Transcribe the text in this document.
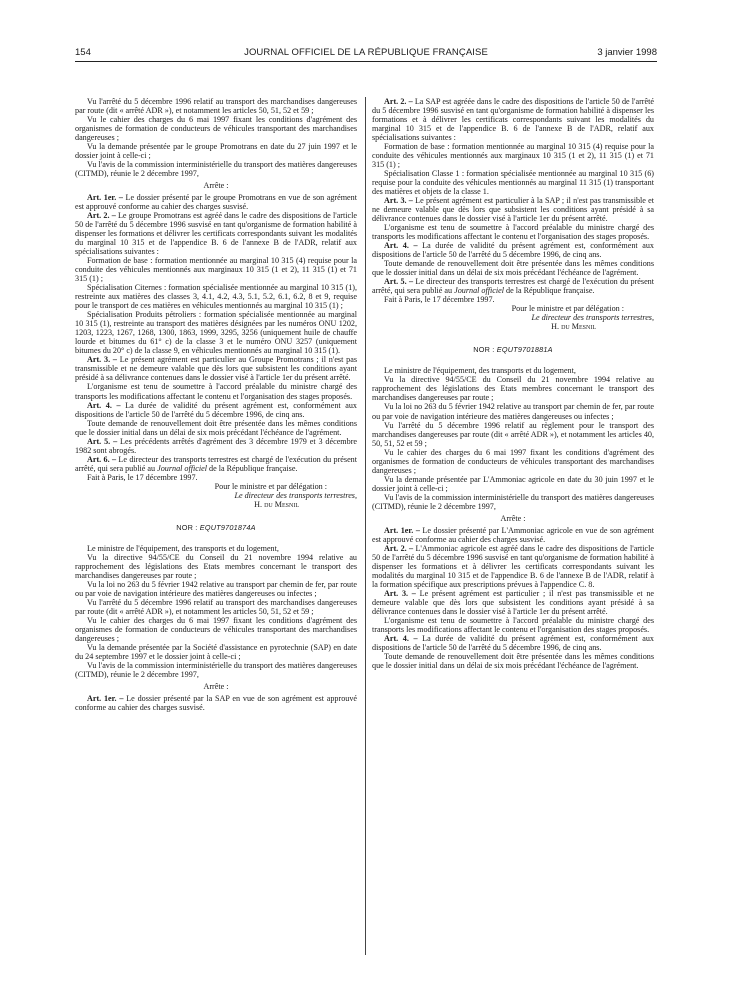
154	JOURNAL OFFICIEL DE LA RÉPUBLIQUE FRANÇAISE	3 janvier 1998

Vu l'arrêté du 5 décembre 1996 relatif au transport des marchandises dangereuses par route (dit « arrêté ADR »), et notamment les articles 50, 51, 52 et 59 ;

Vu le cahier des charges du 6 mai 1997 fixant les conditions d'agrément des organismes de formation de conducteurs de véhicules transportant des marchandises dangereuses ;

Vu la demande présentée par le groupe Promotrans en date du 27 juin 1997 et le dossier joint à celle-ci ;

Vu l'avis de la commission interministérielle du transport des matières dangereuses (CITMD), réunie le 2 décembre 1997,

Arrête :

Art. 1er. – Le dossier présenté par le groupe Promotrans en vue de son agrément est approuvé conforme au cahier des charges susvisé.

Art. 2. – Le groupe Promotrans est agréé dans le cadre des dispositions de l'article 50 de l'arrêté du 5 décembre 1996 susvisé en tant qu'organisme de formation habilité à dispenser les formations et délivrer les certificats correspondants suivant les modalités du marginal 10 315 et de l'appendice B. 6 de l'annexe B de l'ADR, relatif aux spécialisations suivantes :

Formation de base : formation mentionnée au marginal 10 315 (4) requise pour la conduite des véhicules mentionnés aux marginaux 10 315 (1 et 2), 11 315 (1) et 71 315 (1) ;

Spécialisation Citernes : formation spécialisée mentionnée au marginal 10 315 (1), restreinte aux matières des classes 3, 4.1, 4.2, 4.3, 5.1, 5.2, 6.1, 6.2, 8 et 9, requise pour le transport de ces matières en véhicules mentionnés au marginal 10 315 (1) ;

Spécialisation Produits pétroliers : formation spécialisée mentionnée au marginal 10 315 (1), restreinte au transport des matières désignées par les numéros ONU 1202, 1203, 1223, 1267, 1268, 1300, 1863, 1999, 3295, 3256 (uniquement huile de chauffe lourde et bitumes du 61° c) de la classe 3 et le numéro ONU 3257 (uniquement bitumes du 20° c) de la classe 9, en véhicules mentionnés au marginal 10 315 (1).

Art. 3. – Le présent agrément est particulier au Groupe Promotrans ; il n'est pas transmissible et ne demeure valable que dès lors que subsistent les conditions ayant présidé à sa délivrance contenues dans le dossier visé à l'article 1er du présent arrêté.

L'organisme est tenu de soumettre à l'accord préalable du ministre chargé des transports les modifications affectant le contenu et l'organisation des stages proposés.

Art. 4. – La durée de validité du présent agrément est, conformément aux dispositions de l'article 50 de l'arrêté du 5 décembre 1996, de cinq ans.

Toute demande de renouvellement doit être présentée dans les mêmes conditions que le dossier initial dans un délai de six mois précédant l'échéance de l'agrément.

Art. 5. – Les précédents arrêtés d'agrément des 3 décembre 1979 et 3 décembre 1982 sont abrogés.

Art. 6. – Le directeur des transports terrestres est chargé de l'exécution du présent arrêté, qui sera publié au Journal officiel de la République française.

Fait à Paris, le 17 décembre 1997.

Pour le ministre et par délégation :

Le directeur des transports terrestres,

H. du Mesnil

NOR : EQUT9701874A

Le ministre de l'équipement, des transports et du logement,

Vu la directive 94/55/CE du Conseil du 21 novembre 1994 relative au rapprochement des législations des Etats membres concernant le transport des marchandises dangereuses par route ;

Vu la loi no 263 du 5 février 1942 relative au transport par chemin de fer, par route ou par voie de navigation intérieure des matières dangereuses ou infectes ;

Vu l'arrêté du 5 décembre 1996 relatif au transport des marchandises dangereuses par route (dit « arrêté ADR »), et notamment les articles 50, 51, 52 et 59 ;

Vu le cahier des charges du 6 mai 1997 fixant les conditions d'agrément des organismes de formation de conducteurs de véhicules transportant des marchandises dangereuses ;

Vu la demande présentée par la Société d'assistance en pyrotechnie (SAP) en date du 24 septembre 1997 et le dossier joint à celle-ci ;

Vu l'avis de la commission interministérielle du transport des matières dangereuses (CITMD), réunie le 2 décembre 1997,

Arrête :

Art. 1er. – Le dossier présenté par la SAP en vue de son agrément est approuvé conforme au cahier des charges susvisé.

Art. 2. – La SAP est agréée dans le cadre des dispositions de l'article 50 de l'arrêté du 5 décembre 1996 susvisé en tant qu'organisme de formation habilité à dispenser les formations et à délivrer les certificats correspondants suivant les modalités du marginal 10 315 et de l'appendice B. 6 de l'annexe B de l'ADR, relatif aux spécialisations suivantes :

Formation de base : formation mentionnée au marginal 10 315 (4) requise pour la conduite des véhicules mentionnés aux marginaux 10 315 (1 et 2), 11 315 (1) et 71 315 (1) ;

Spécialisation Classe 1 : formation spécialisée mentionnée au marginal 10 315 (6) requise pour la conduite des véhicules mentionnés au marginal 11 315 (1) transportant des matières et objets de la classe 1.

Art. 3. – Le présent agrément est particulier à la SAP ; il n'est pas transmissible et ne demeure valable que dès lors que subsistent les conditions ayant présidé à sa délivrance contenues dans le dossier visé à l'article 1er du présent arrêté.

L'organisme est tenu de soumettre à l'accord préalable du ministre chargé des transports les modifications affectant le contenu et l'organisation des stages proposés.

Art. 4. – La durée de validité du présent agrément est, conformément aux dispositions de l'article 50 de l'arrêté du 5 décembre 1996, de cinq ans.

Toute demande de renouvellement doit être présentée dans les mêmes conditions que le dossier initial dans un délai de six mois précédant l'échéance de l'agrément.

Art. 5. – Le directeur des transports terrestres est chargé de l'exécution du présent arrêté, qui sera publié au Journal officiel de la République française.

Fait à Paris, le 17 décembre 1997.

Pour le ministre et par délégation :

Le directeur des transports terrestres,

H. du Mesnil

NOR : EQUT9701881A

Le ministre de l'équipement, des transports et du logement,

Vu la directive 94/55/CE du Conseil du 21 novembre 1994 relative au rapprochement des législations des Etats membres concernant le transport des marchandises dangereuses par route ;

Vu la loi no 263 du 5 février 1942 relative au transport par chemin de fer, par route ou par voie de navigation intérieure des matières dangereuses ou infectes ;

Vu l'arrêté du 5 décembre 1996 relatif au règlement pour le transport des marchandises dangereuses par route (dit « arrêté ADR »), et notamment les articles 40, 50, 51, 52 et 59 ;

Vu le cahier des charges du 6 mai 1997 fixant les conditions d'agrément des organismes de formation de conducteurs de véhicules transportant des marchandises dangereuses ;

Vu la demande présentée par L'Ammoniac agricole en date du 30 juin 1997 et le dossier joint à celle-ci ;

Vu l'avis de la commission interministérielle du transport des matières dangereuses (CITMD), réunie le 2 décembre 1997,

Arrête :

Art. 1er. – Le dossier présenté par L'Ammoniac agricole en vue de son agrément est approuvé conforme au cahier des charges susvisé.

Art. 2. – L'Ammoniac agricole est agréé dans le cadre des dispositions de l'article 50 de l'arrêté du 5 décembre 1996 susvisé en tant qu'organisme de formation habilité à dispenser les formations et à délivrer les certificats correspondants suivant les modalités du marginal 10 315 et de l'appendice B. 6 de l'annexe B de l'ADR, relatif à la formation spécifique aux prescriptions prévues à l'appendice C. 8.

Art. 3. – Le présent agrément est particulier ; il n'est pas transmissible et ne demeure valable que dès lors que subsistent les conditions ayant présidé à sa délivrance contenues dans le dossier visé à l'article 1er du présent arrêté.

L'organisme est tenu de soumettre à l'accord préalable du ministre chargé des transports les modifications affectant le contenu et l'organisation des stages proposés.

Art. 4. – La durée de validité du présent agrément est, conformément aux dispositions de l'article 50 de l'arrêté du 5 décembre 1996, de cinq ans.

Toute demande de renouvellement doit être présentée dans les mêmes conditions que le dossier initial dans un délai de six mois précédant l'échéance de l'agrément.
